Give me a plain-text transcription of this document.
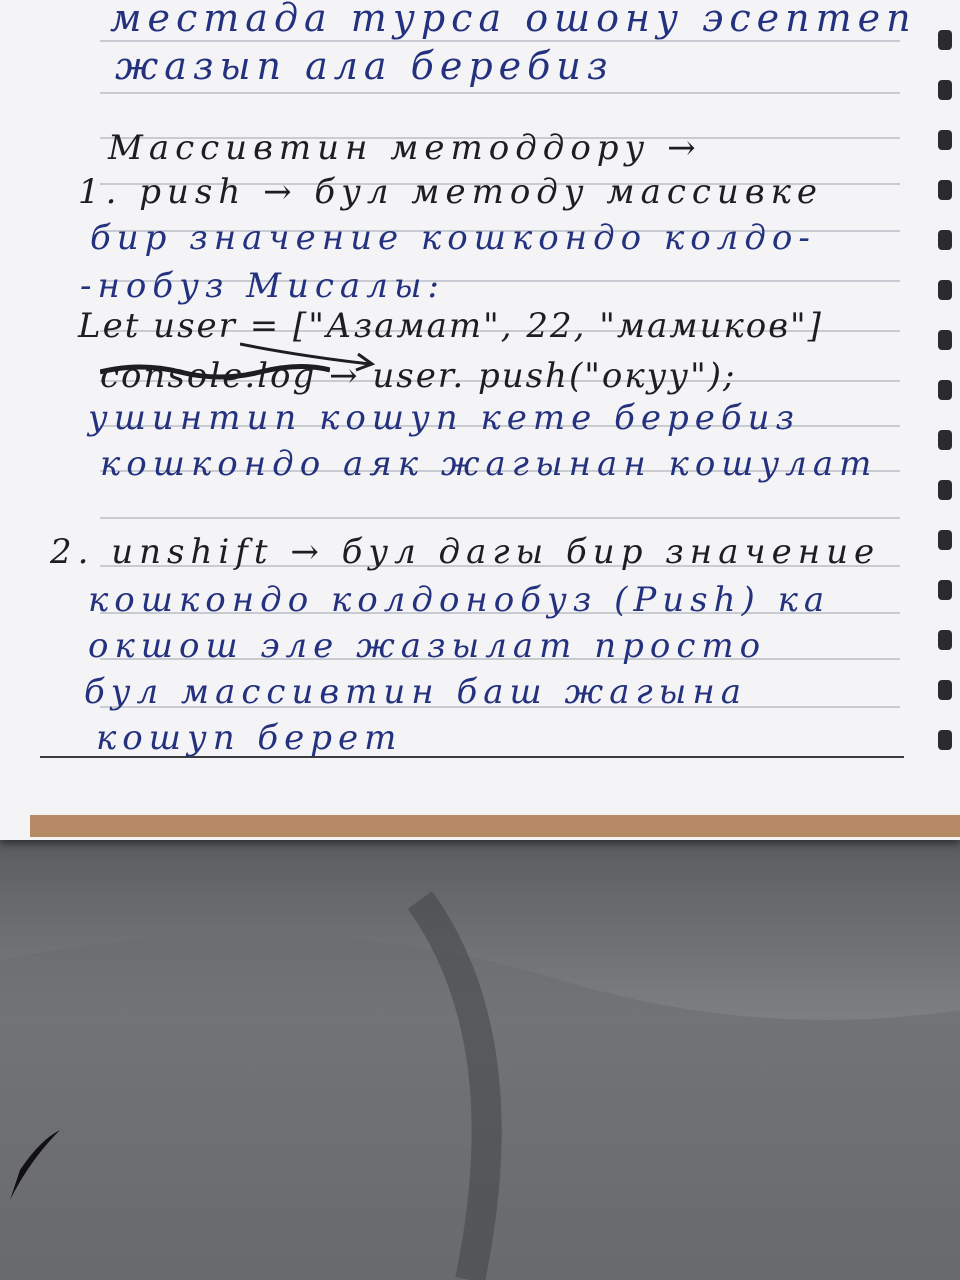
местада турса ошону эсептеп
жазып ала беребиз
Массивтин методдору →
1. push → бул методу массивке
бир значение кошкондо колдо-
-нобуз Мисалы:
Let user = ["Азамат", 22, "мамиков"]
console.log → user. push("окуу");
ушинтип кошуп кете беребиз
кошкондо аяк жагынан кошулат
2. unshift → бул дагы бир значение
кошкондо колдонобуз (Push) ка
окшош эле жазылат просто
бул массивтин баш жагына
кошуп берет
